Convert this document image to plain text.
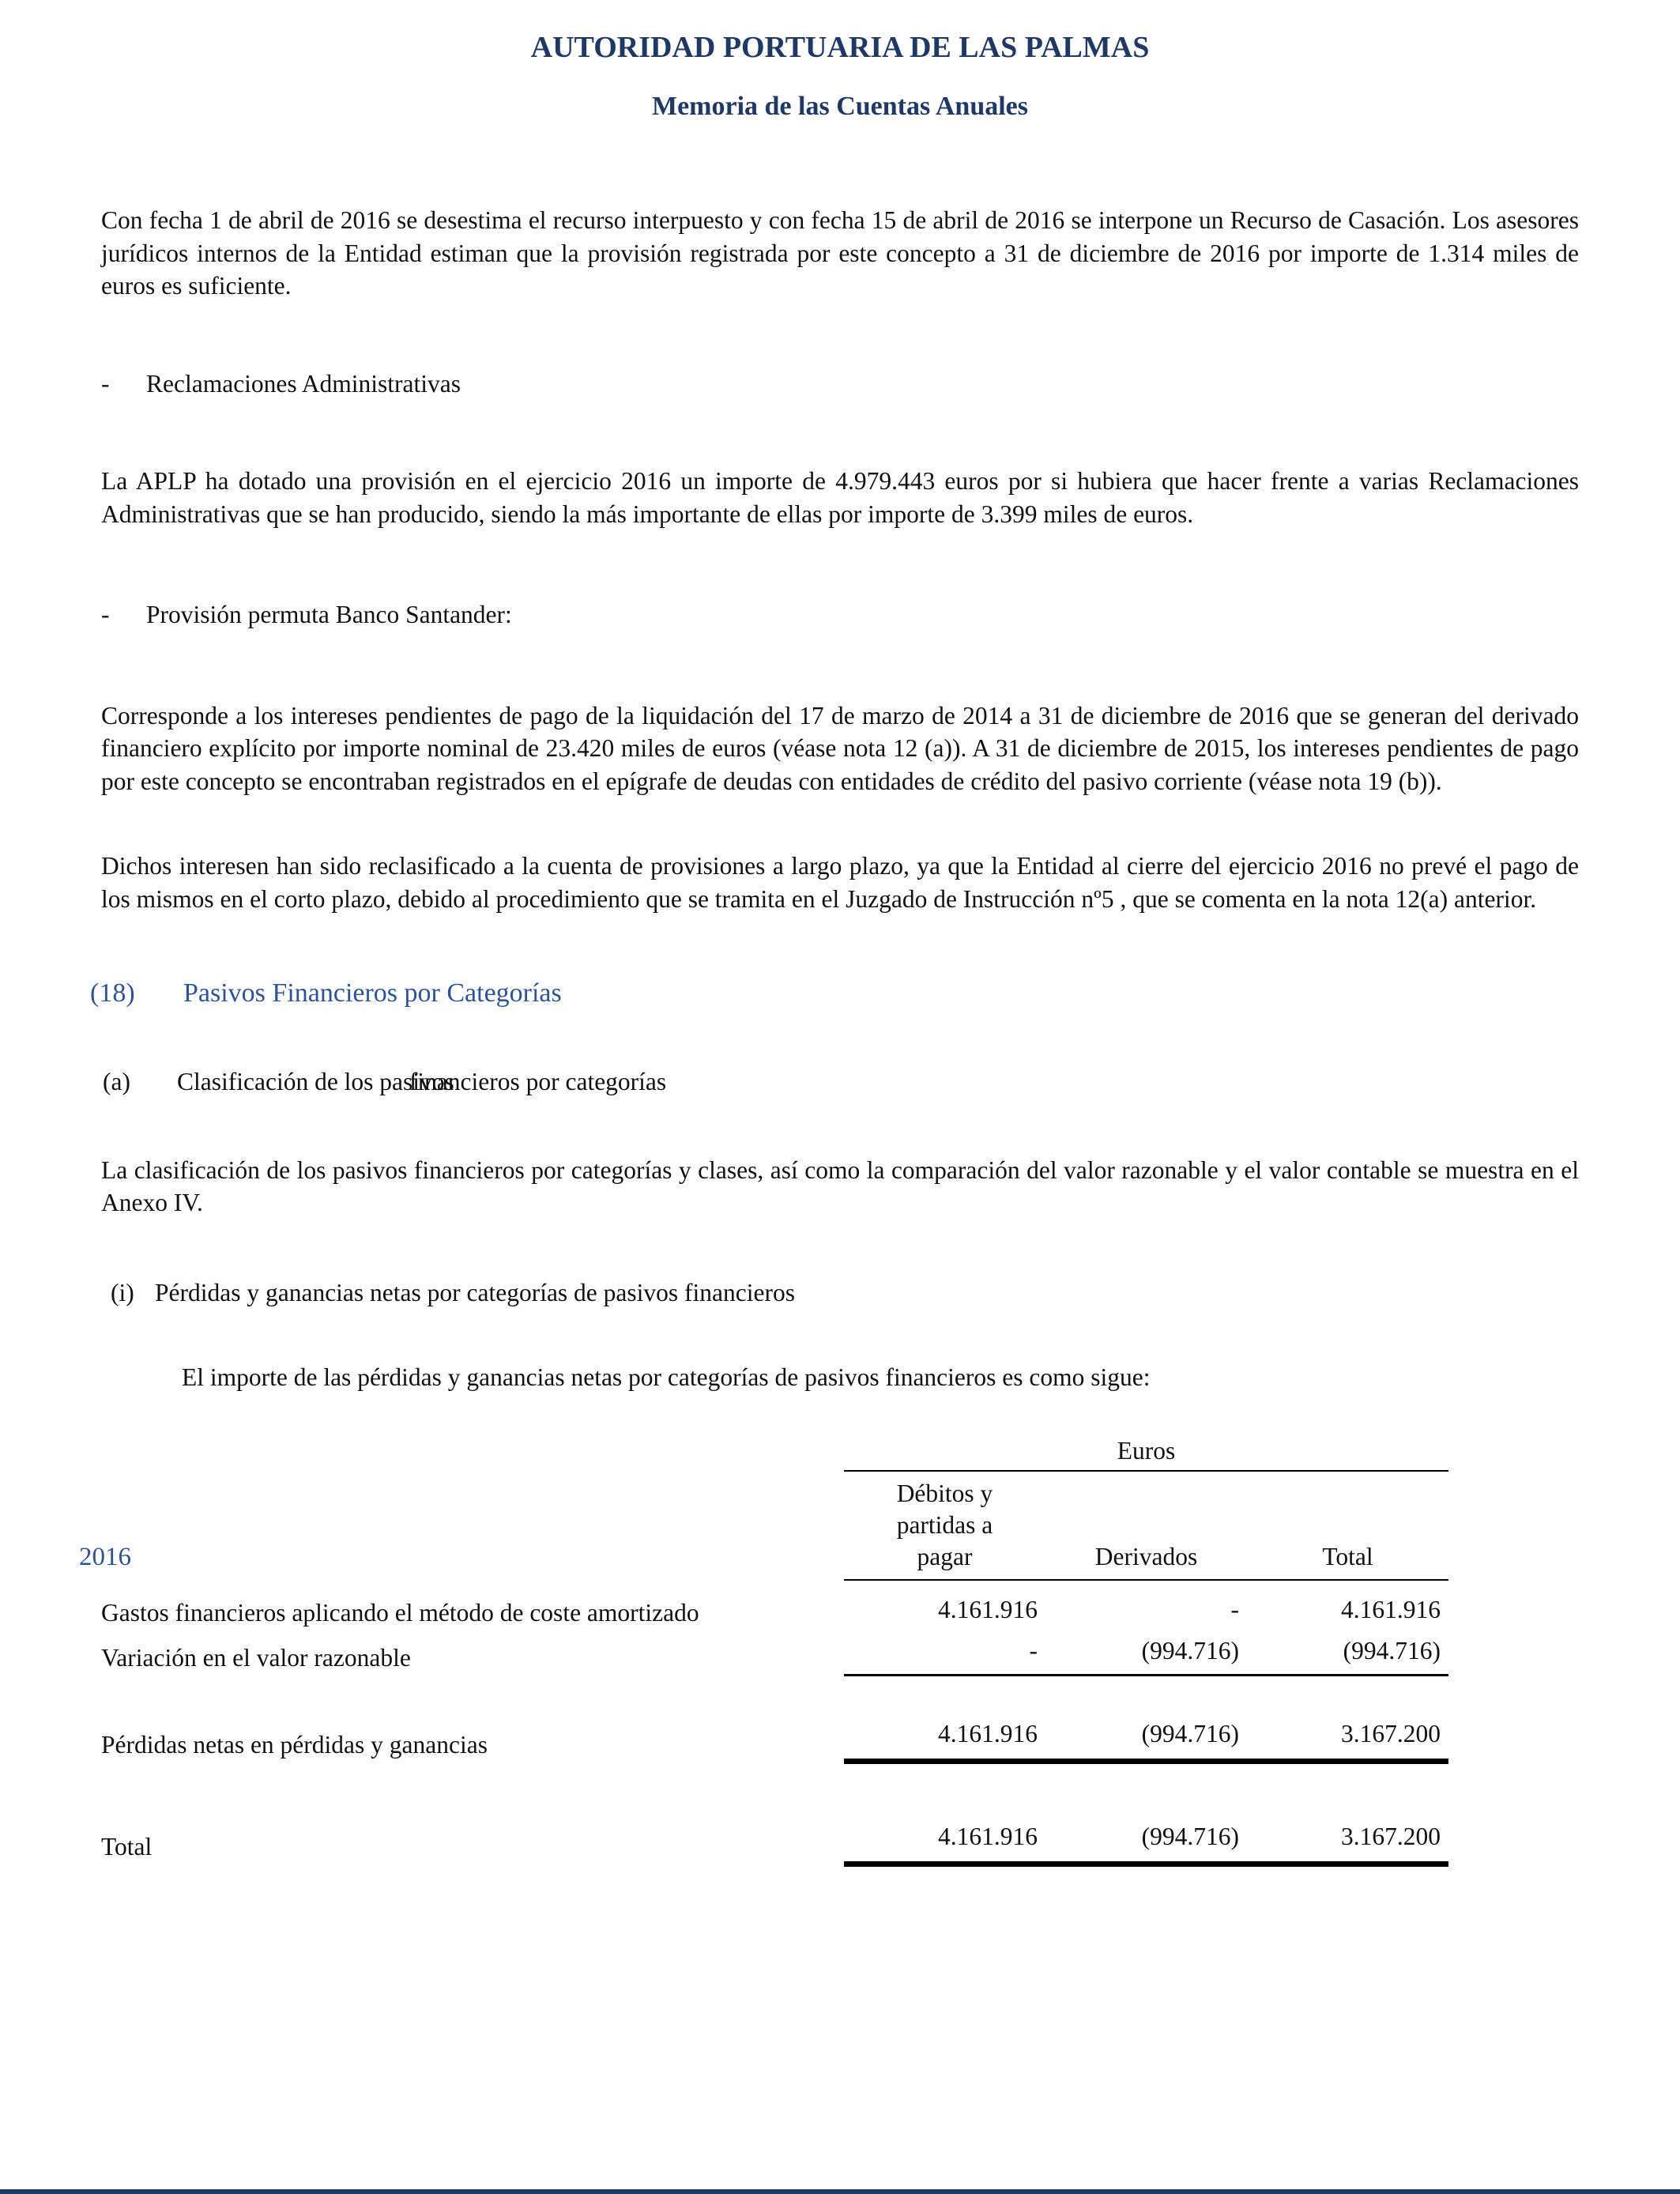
AUTORIDAD PORTUARIA DE LAS PALMAS
Memoria de las Cuentas Anuales

Con fecha 1 de abril de 2016 se desestima el recurso interpuesto y con fecha 15 de abril de 2016 se interpone un Recurso de Casación. Los asesores jurídicos internos de la Entidad estiman que la provisión registrada por este concepto a 31 de diciembre de 2016 por importe de 1.314 miles de euros es suficiente.

-	Reclamaciones Administrativas

La APLP ha dotado una provisión en el ejercicio 2016 un importe de 4.979.443 euros por si hubiera que hacer frente a varias Reclamaciones Administrativas que se han producido, siendo la más importante de ellas por importe de 3.399 miles de euros.

-	Provisión permuta Banco Santander:

Corresponde a los intereses pendientes de pago de la liquidación del 17 de marzo de 2014 a 31 de diciembre de 2016 que se generan del derivado financiero explícito por importe nominal de 23.420 miles de euros (véase nota 12 (a)). A 31 de diciembre de 2015, los intereses pendientes de pago por este concepto se encontraban registrados en el epígrafe de deudas con entidades de crédito del pasivo corriente (véase nota 19 (b)).

Dichos interesen han sido reclasificado a la cuenta de provisiones a largo plazo, ya que la Entidad al cierre del ejercicio 2016 no prevé el pago de los mismos en el corto plazo, debido al procedimiento que se tramita en el Juzgado de Instrucción nº5 , que se comenta en la nota 12(a) anterior.

(18)	Pasivos Financieros por Categorías
(a)	Clasificación de los pasivosfinancieros por categorías

La clasificación de los pasivos financieros por categorías y clases, así como la comparación del valor razonable y el valor contable se muestra en el Anexo IV.

(i) Pérdidas y ganancias netas por categorías de pasivos financieros

El importe de las pérdidas y ganancias netas por categorías de pasivos financieros es como sigue:

	Euros		
2016	Débitos y
partidas a
pagar	Derivados	Total
Gastos financieros aplicando el método de coste amortizado	4.161.916	-	4.161.916
Variación en el valor razonable	-	(994.716)	(994.716)

Pérdidas netas en pérdidas y ganancias	4.161.916	(994.716)	3.167.200

Total	4.161.916	(994.716)	3.167.200
